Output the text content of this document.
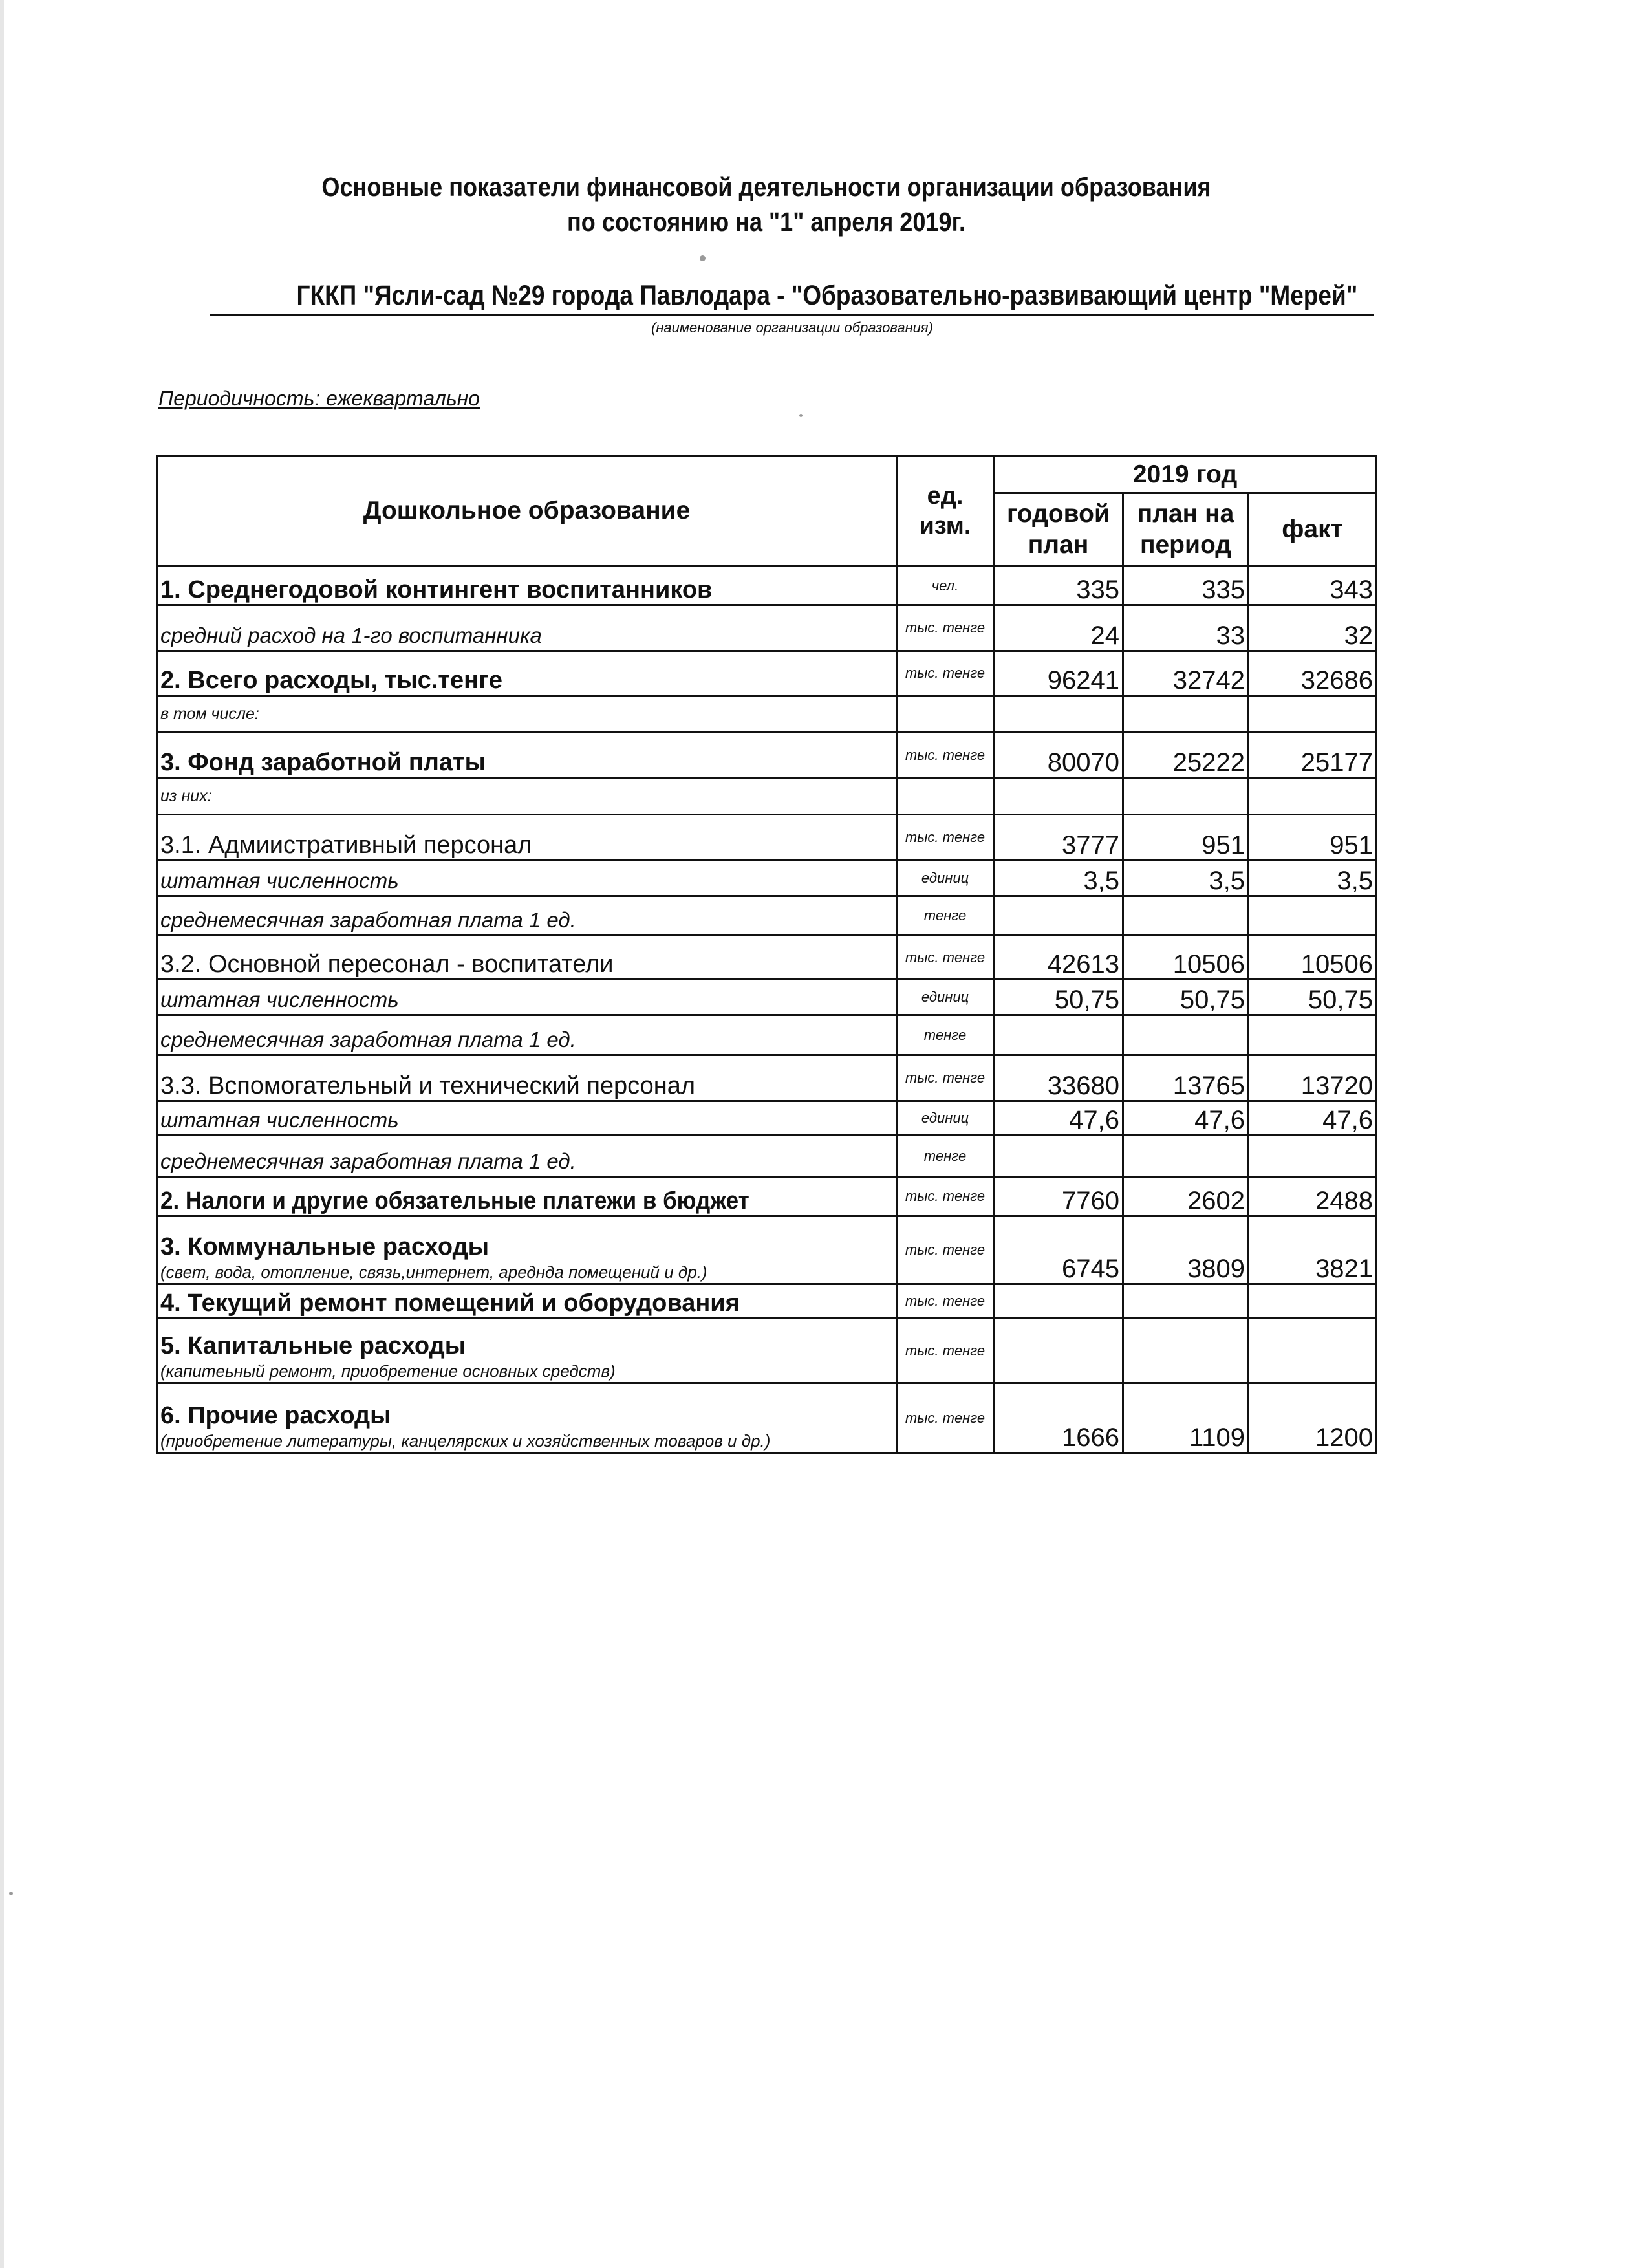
Основные показатели финансовой деятельности организации образования
по состоянию на "1" апреля 2019г.
ГККП "Ясли-сад №29 города Павлодара - "Образовательно-развивающий центр "Мерей"
(наименование организации образования)
Периодичность: ежеквартально
Дошкольное образование	ед. изм.	2019 год		
		годовой план	план на период	факт
1. Среднегодовой контингент воспитанников	чел.	335	335	343
средний расход на 1-го воспитанника	тыс. тенге	24	33	32
2. Всего расходы, тыс.тенге	тыс. тенге	96241	32742	32686
в том числе:				
3. Фонд заработной платы	тыс. тенге	80070	25222	25177
из них:				
3.1. Адмиистративный персонал	тыс. тенге	3777	951	951
штатная численность	единиц	3,5	3,5	3,5
среднемесячная заработная плата 1 ед.	тенге			
3.2. Основной пересонал - воспитатели	тыс. тенге	42613	10506	10506
штатная численность	единиц	50,75	50,75	50,75
среднемесячная заработная плата 1 ед.	тенге			
3.3. Вспомогательный и технический персонал	тыс. тенге	33680	13765	13720
штатная численность	единиц	47,6	47,6	47,6
среднемесячная заработная плата 1 ед.	тенге			
2. Налоги и другие обязательные платежи в бюджет	тыс. тенге	7760	2602	2488

3. Коммунальные расходы
(свет, вода, отопление, связь,интернет, ареднда помещений и др.)	тыс. тенге	6745	3809	3821
4. Текущий ремонт помещений и оборудования	тыс. тенге			

5. Капитальные расходы
(капитеьный ремонт, приобретение основных средств)	тыс. тенге			

6. Прочие расходы
(приобретение литературы, канцелярских и хозяйственных товаров и др.)	тыс. тенге	1666	1109	1200
